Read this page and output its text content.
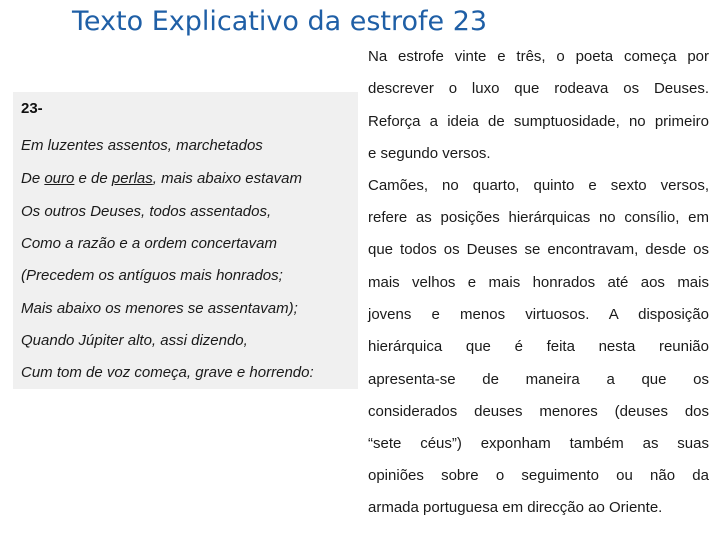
Texto Explicativo da estrofe 23
23-
Em luzentes assentos, marchetados
De ouro e de perlas, mais abaixo estavam
Os outros Deuses, todos assentados,
Como a razão e a ordem concertavam
(Precedem os antíguos mais honrados;
Mais abaixo os menores se assentavam);
Quando Júpiter alto, assi dizendo,
Cum tom de voz começa, grave e horrendo:
Na estrofe vinte e três, o poeta começa por
descrever o luxo que rodeava os Deuses.
Reforça a ideia de sumptuosidade, no primeiro
e segundo versos.
Camões, no quarto, quinto e sexto versos,
refere as posições hierárquicas no consílio, em
que todos os Deuses se encontravam, desde os
mais velhos e mais honrados até aos mais
jovens e menos virtuosos. A disposição
hierárquica que é feita nesta reunião
apresenta-se de maneira a que os
considerados deuses menores (deuses dos
“sete céus”) exponham também as suas
opiniões sobre o seguimento ou não da
armada portuguesa em direcção ao Oriente.
